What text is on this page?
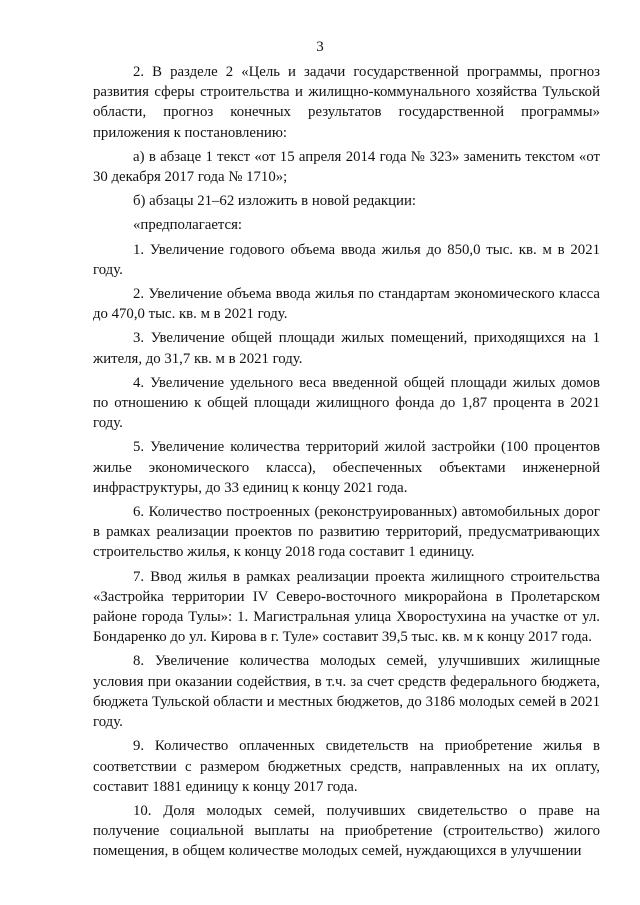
3

2. В разделе 2 «Цель и задачи государственной программы, прогноз развития сферы строительства и жилищно-коммунального хозяйства Тульской области, прогноз конечных результатов государственной программы» приложения к постановлению:

а) в абзаце 1 текст «от 15 апреля 2014 года № 323» заменить текстом «от 30 декабря 2017 года № 1710»;

б) абзацы 21–62 изложить в новой редакции:

«предполагается:

1. Увеличение годового объема ввода жилья до 850,0 тыс. кв. м в 2021 году.

2. Увеличение объема ввода жилья по стандартам экономического класса до 470,0 тыс. кв. м в 2021 году.

3. Увеличение общей площади жилых помещений, приходящихся на 1 жителя, до 31,7 кв. м в 2021 году.

4. Увеличение удельного веса введенной общей площади жилых домов по отношению к общей площади жилищного фонда до 1,87 процента в 2021 году.

5. Увеличение количества территорий жилой застройки (100 процентов жилье экономического класса), обеспеченных объектами инженерной инфраструктуры, до 33 единиц к концу 2021 года.

6. Количество построенных (реконструированных) автомобильных дорог в рамках реализации проектов по развитию территорий, предусматривающих строительство жилья, к концу 2018 года составит 1 единицу.

7. Ввод жилья в рамках реализации проекта жилищного строительства «Застройка территории IV Северо-восточного микрорайона в Пролетарском районе города Тулы»: 1. Магистральная улица Хворостухина на участке от ул. Бондаренко до ул. Кирова в г. Туле» составит 39,5 тыс. кв. м к концу 2017 года.

8. Увеличение количества молодых семей, улучшивших жилищные условия при оказании содействия, в т.ч. за счет средств федерального бюджета, бюджета Тульской области и местных бюджетов, до 3186 молодых семей в 2021 году.

9. Количество оплаченных свидетельств на приобретение жилья в соответствии с размером бюджетных средств, направленных на их оплату, составит 1881 единицу к концу 2017 года.

10. Доля молодых семей, получивших свидетельство о праве на получение социальной выплаты на приобретение (строительство) жилого помещения, в общем количестве молодых семей, нуждающихся в улучшении
